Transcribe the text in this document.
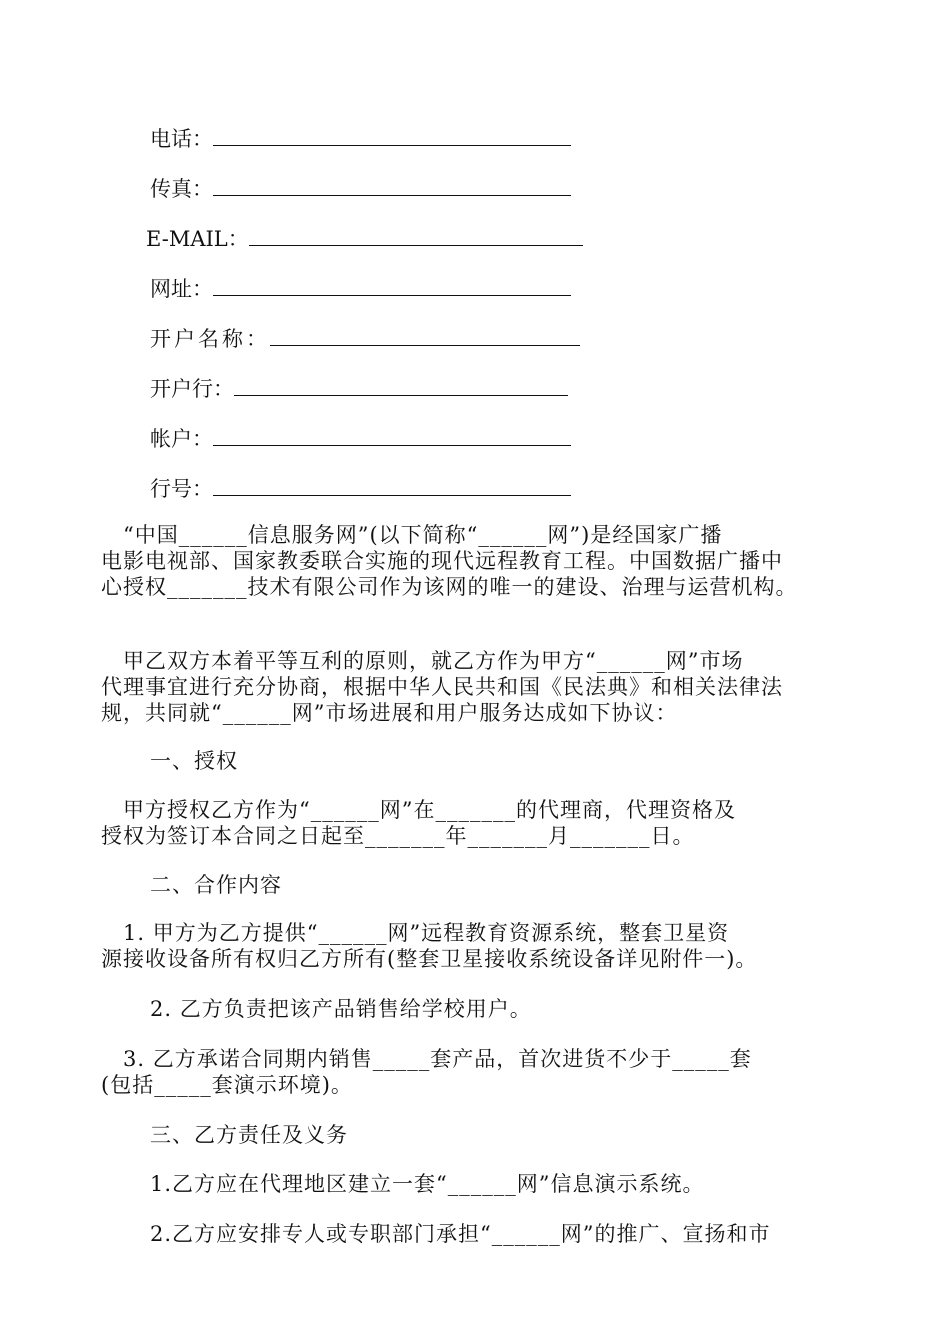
电话：
传真：
E-MAIL：
网址：
开户名称：
开户行：
帐户：
行号：
　“中国______信息服务网”(以下简称“______网”)是经国家广播
电影电视部、国家教委联合实施的现代远程教育工程。中国数据广播中
心授权_______技术有限公司作为该网的唯一的建设、治理与运营机构。
　甲乙双方本着平等互利的原则，就乙方作为甲方“______网”市场
代理事宜进行充分协商，根据中华人民共和国《民法典》和相关法律法
规，共同就“______网”市场进展和用户服务达成如下协议：
一、授权
　甲方授权乙方作为“______网”在_______的代理商，代理资格及
授权为签订本合同之日起至_______年_______月_______日。
二、合作内容
　1. 甲方为乙方提供“______网”远程教育资源系统，整套卫星资
源接收设备所有权归乙方所有(整套卫星接收系统设备详见附件一)。
2. 乙方负责把该产品销售给学校用户。
　3. 乙方承诺合同期内销售_____套产品，首次进货不少于_____套
(包括_____套演示环境)。
三、乙方责任及义务
1.乙方应在代理地区建立一套“______网”信息演示系统。
2.乙方应安排专人或专职部门承担“______网”的推广、宣扬和市
